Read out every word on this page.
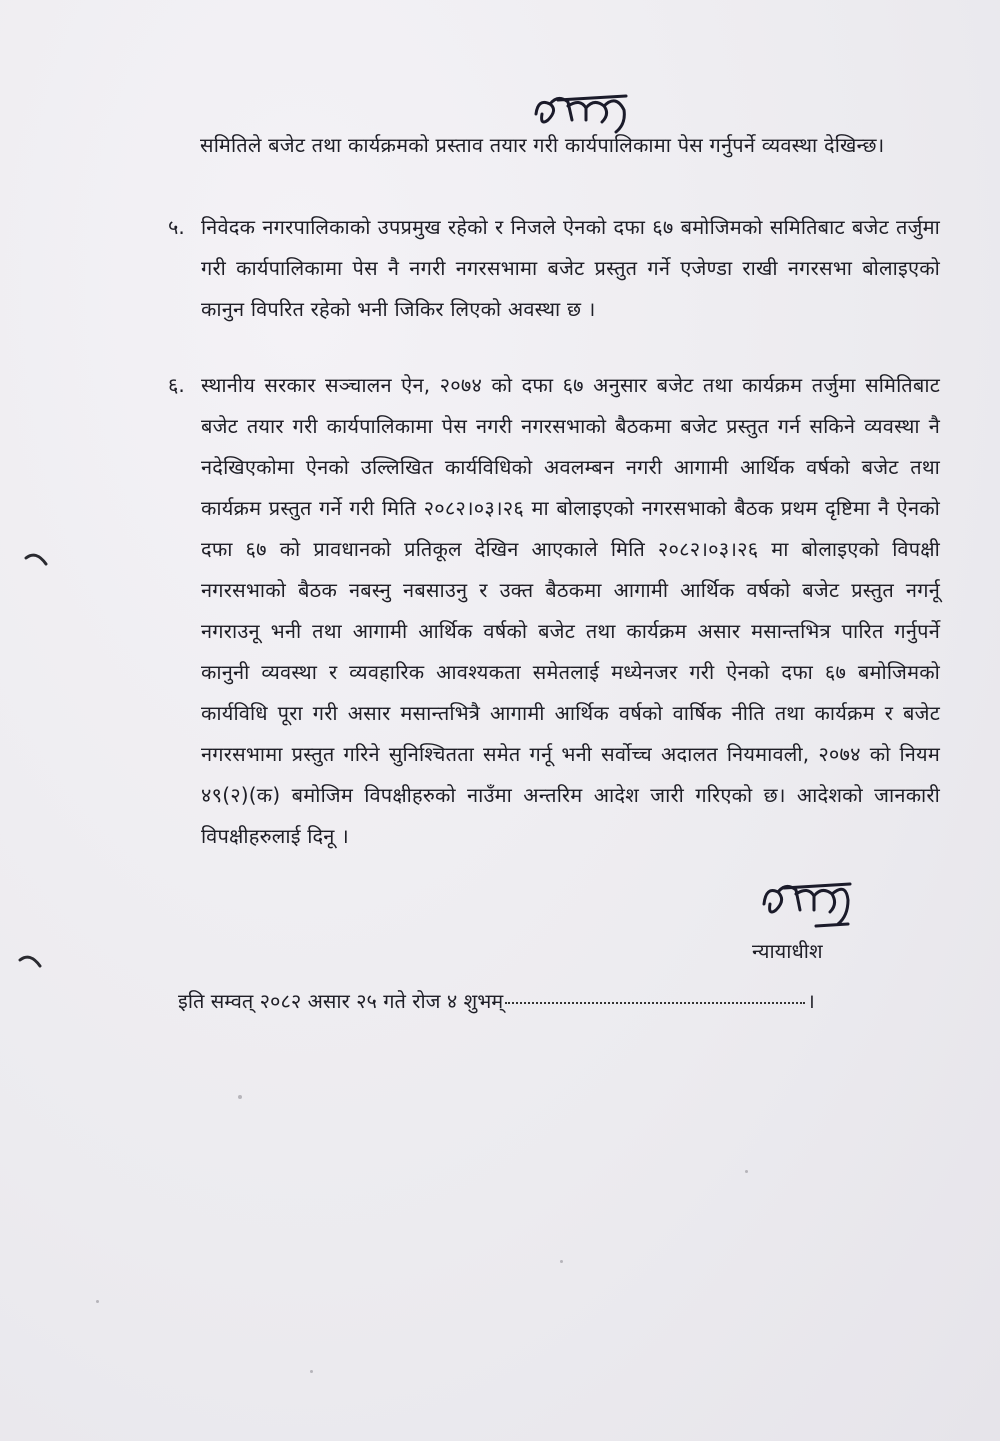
समितिले बजेट तथा कार्यक्रमको प्रस्ताव तयार गरी कार्यपालिकामा पेस गर्नुपर्ने व्यवस्था देखिन्छ।
५. निवेदक नगरपालिकाको उपप्रमुख रहेको र निजले ऐनको दफा ६७ बमोजिमको समितिबाट बजेट तर्जुमा गरी कार्यपालिकामा पेस नै नगरी नगरसभामा बजेट प्रस्तुत गर्ने एजेण्डा राखी नगरसभा बोलाइएको कानुन विपरित रहेको भनी जिकिर लिएको अवस्था छ ।
६. स्थानीय सरकार सञ्चालन ऐन, २०७४ को दफा ६७ अनुसार बजेट तथा कार्यक्रम तर्जुमा समितिबाट बजेट तयार गरी कार्यपालिकामा पेस नगरी नगरसभाको बैठकमा बजेट प्रस्तुत गर्न सकिने व्यवस्था नै नदेखिएकोमा ऐनको उल्लिखित कार्यविधिको अवलम्बन नगरी आगामी आर्थिक वर्षको बजेट तथा कार्यक्रम प्रस्तुत गर्ने गरी मिति २०८२।०३।२६ मा बोलाइएको नगरसभाको बैठक प्रथम दृष्टिमा नै ऐनको दफा ६७ को प्रावधानको प्रतिकूल देखिन आएकाले मिति २०८२।०३।२६ मा बोलाइएको विपक्षी नगरसभाको बैठक नबस्नु नबसाउनु र उक्त बैठकमा आगामी आर्थिक वर्षको बजेट प्रस्तुत नगर्नू नगराउनू भनी तथा आगामी आर्थिक वर्षको बजेट तथा कार्यक्रम असार मसान्तभित्र पारित गर्नुपर्ने कानुनी व्यवस्था र व्यवहारिक आवश्यकता समेतलाई मध्येनजर गरी ऐनको दफा ६७ बमोजिमको कार्यविधि पूरा गरी असार मसान्तभित्रै आगामी आर्थिक वर्षको वार्षिक नीति तथा कार्यक्रम र बजेट नगरसभामा प्रस्तुत गरिने सुनिश्चितता समेत गर्नू भनी सर्वोच्च अदालत नियमावली, २०७४ को नियम ४९(२)(क) बमोजिम विपक्षीहरुको नाउँमा अन्तरिम आदेश जारी गरिएको छ। आदेशको जानकारी विपक्षीहरुलाई दिनू ।
न्यायाधीश
इति सम्वत् २०८२ असार २५ गते रोज ४ शुभम्	।
